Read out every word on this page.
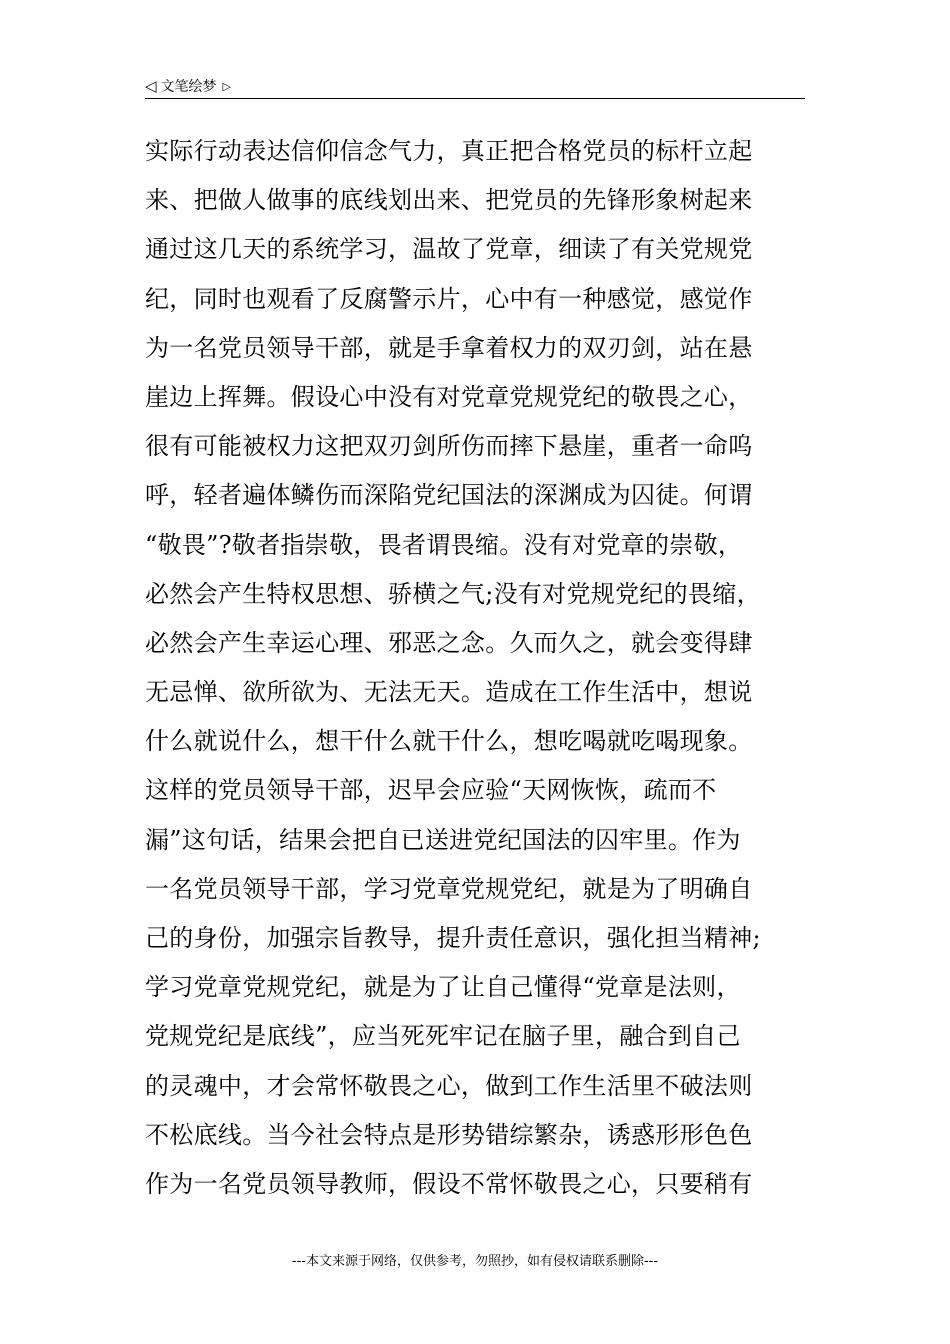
◁ 文笔绘梦 ▷
实际行动表达信仰信念气力，真正把合格党员的标杆立起
来、把做人做事的底线划出来、把党员的先锋形象树起来
通过这几天的系统学习，温故了党章，细读了有关党规党
纪，同时也观看了反腐警示片，心中有一种感觉，感觉作
为一名党员领导干部，就是手拿着权力的双刃剑，站在悬
崖边上挥舞。假设心中没有对党章党规党纪的敬畏之心，
很有可能被权力这把双刃剑所伤而摔下悬崖，重者一命呜
呼，轻者遍体鳞伤而深陷党纪国法的深渊成为囚徒。何谓
“敬畏”?敬者指崇敬，畏者谓畏缩。没有对党章的崇敬，
必然会产生特权思想、骄横之气;没有对党规党纪的畏缩，
必然会产生幸运心理、邪恶之念。久而久之，就会变得肆
无忌惮、欲所欲为、无法无天。造成在工作生活中，想说
什么就说什么，想干什么就干什么，想吃喝就吃喝现象。
这样的党员领导干部，迟早会应验“天网恢恢，疏而不
漏”这句话，结果会把自已送进党纪国法的囚牢里。作为
一名党员领导干部，学习党章党规党纪，就是为了明确自
己的身份，加强宗旨教导，提升责任意识，强化担当精神;
学习党章党规党纪，就是为了让自己懂得“党章是法则，
党规党纪是底线”，应当死死牢记在脑子里，融合到自己
的灵魂中，才会常怀敬畏之心，做到工作生活里不破法则
不松底线。当今社会特点是形势错综繁杂，诱惑形形色色
作为一名党员领导教师，假设不常怀敬畏之心，只要稍有
---本文来源于网络，仅供参考，勿照抄，如有侵权请联系删除---
